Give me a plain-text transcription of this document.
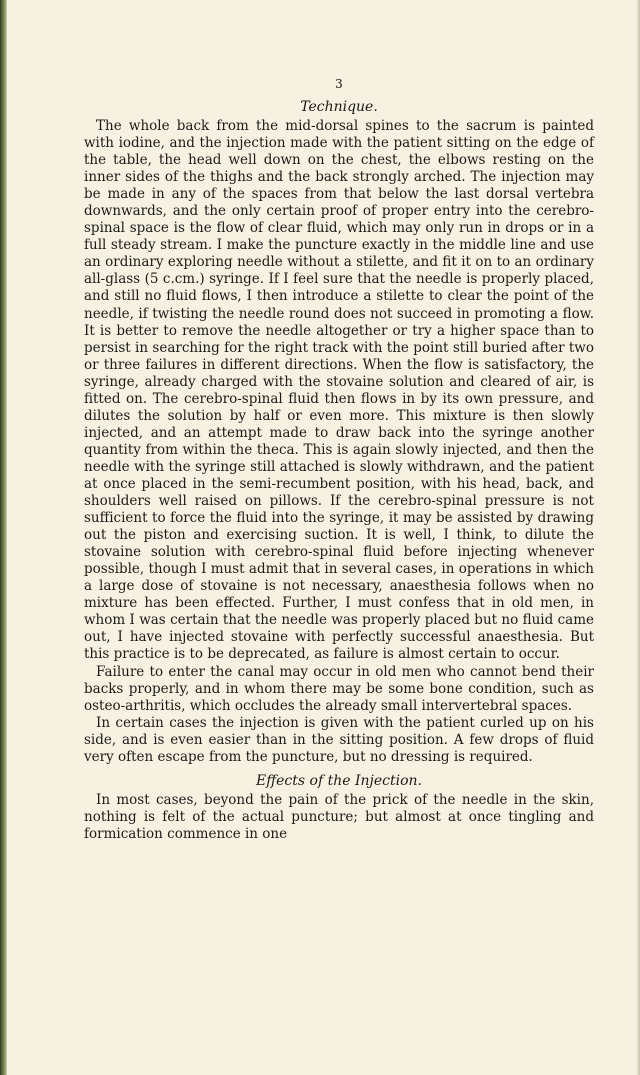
3
Technique.

The whole back from the mid-dorsal spines to the sacrum is painted with iodine, and the injection made with the patient sitting on the edge of the table, the head well down on the chest, the elbows resting on the inner sides of the thighs and the back strongly arched. The injection may be made in any of the spaces from that below the last dorsal vertebra downwards, and the only certain proof of proper entry into the cerebro-spinal space is the flow of clear fluid, which may only run in drops or in a full steady stream. I make the puncture exactly in the middle line and use an ordinary exploring needle without a stilette, and fit it on to an ordinary all-glass (5 c.cm.) syringe. If I feel sure that the needle is properly placed, and still no fluid flows, I then introduce a stilette to clear the point of the needle, if twisting the needle round does not succeed in promoting a flow. It is better to remove the needle altogether or try a higher space than to persist in searching for the right track with the point still buried after two or three failures in different directions. When the flow is satisfactory, the syringe, already charged with the stovaine solution and cleared of air, is fitted on. The cerebro-spinal fluid then flows in by its own pressure, and dilutes the solution by half or even more. This mixture is then slowly injected, and an attempt made to draw back into the syringe another quantity from within the theca. This is again slowly injected, and then the needle with the syringe still attached is slowly withdrawn, and the patient at once placed in the semi-recumbent position, with his head, back, and shoulders well raised on pillows. If the cerebro-spinal pressure is not sufficient to force the fluid into the syringe, it may be assisted by drawing out the piston and exercising suction. It is well, I think, to dilute the stovaine solution with cerebro-spinal fluid before injecting whenever possible, though I must admit that in several cases, in operations in which a large dose of stovaine is not necessary, anaesthesia follows when no mixture has been effected. Further, I must confess that in old men, in whom I was certain that the needle was properly placed but no fluid came out, I have injected stovaine with perfectly successful anaesthesia. But this practice is to be deprecated, as failure is almost certain to occur.

Failure to enter the canal may occur in old men who cannot bend their backs properly, and in whom there may be some bone condition, such as osteo-arthritis, which occludes the already small intervertebral spaces.

In certain cases the injection is given with the patient curled up on his side, and is even easier than in the sitting position. A few drops of fluid very often escape from the puncture, but no dressing is required.

Effects of the Injection.

In most cases, beyond the pain of the prick of the needle in the skin, nothing is felt of the actual puncture; but almost at once tingling and formication commence in one
